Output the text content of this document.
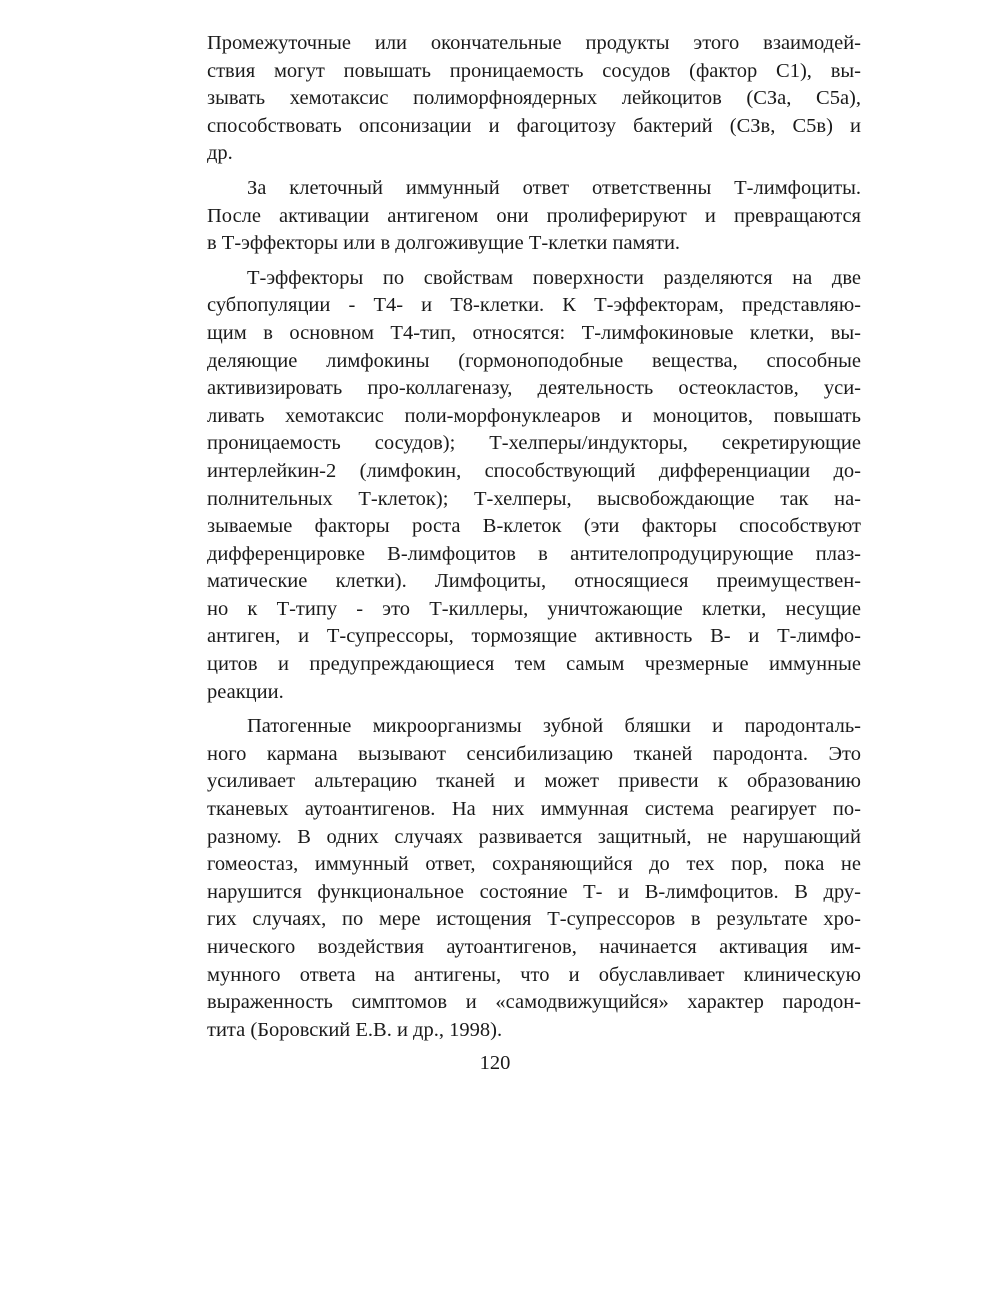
Промежуточные или окончательные продукты этого взаимодей-
ствия могут повышать проницаемость сосудов (фактор С1), вы-
зывать хемотаксис полиморфноядерных лейкоцитов (СЗа, С5а),
способствовать опсонизации и фагоцитозу бактерий (СЗв, С5в) и
др.
За клеточный иммунный ответ ответственны Т-лимфоциты.
После активации антигеном они пролиферируют и превращаются
в Т-эффекторы или в долгоживущие Т-клетки памяти.
Т-эффекторы по свойствам поверхности разделяются на две
субпопуляции - Т4- и Т8-клетки. К Т-эффекторам, представляю-
щим в основном Т4-тип, относятся: Т-лимфокиновые клетки, вы-
деляющие лимфокины (гормоноподобные вещества, способные
активизировать про-коллагеназу, деятельность остеокластов, уси-
ливать хемотаксис поли-морфонуклеаров и моноцитов, повышать
проницаемость сосудов); Т-хелперы/индукторы, секретирующие
интерлейкин-2 (лимфокин, способствующий дифференциации до-
полнительных Т-клеток); Т-хелперы, высвобождающие так на-
зываемые факторы роста В-клеток (эти факторы способствуют
дифференцировке В-лимфоцитов в антителопродуцирующие плаз-
матические клетки). Лимфоциты, относящиеся преимуществен-
но к Т-типу - это Т-киллеры, уничтожающие клетки, несущие
антиген, и Т-супрессоры, тормозящие активность В- и Т-лимфо-
цитов и предупреждающиеся тем самым чрезмерные иммунные
реакции.
Патогенные микроорганизмы зубной бляшки и пародонталь-
ного кармана вызывают сенсибилизацию тканей пародонта. Это
усиливает альтерацию тканей и может привести к образованию
тканевых аутоантигенов. На них иммунная система реагирует по-
разному. В одних случаях развивается защитный, не нарушающий
гомеостаз, иммунный ответ, сохраняющийся до тех пор, пока не
нарушится функциональное состояние Т- и В-лимфоцитов. В дру-
гих случаях, по мере истощения Т-супрессоров в результате хро-
нического воздействия аутоантигенов, начинается активация им-
мунного ответа на антигены, что и обуславливает клиническую
выраженность симптомов и «самодвижущийся» характер пародон-
тита (Боровский Е.В. и др., 1998).
120
